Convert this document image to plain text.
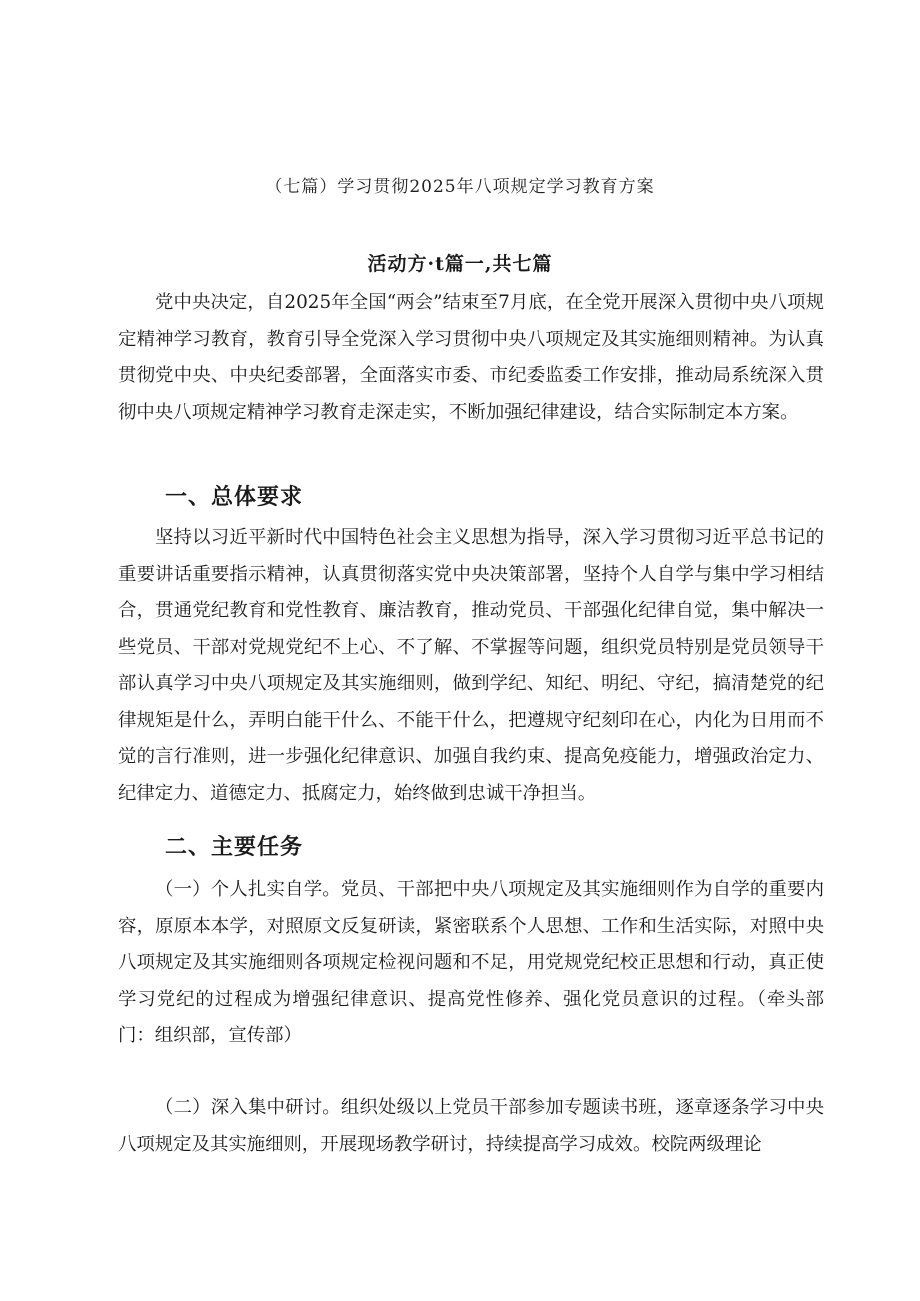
（七篇）学习贯彻2025年八项规定学习教育方案
活动方·t篇一,共七篇

党中央决定，自2025年全国“两会”结束至7月底，在全党开展深入贯彻中央八项规定精神学习教育，教育引导全党深入学习贯彻中央八项规定及其实施细则精神。为认真贯彻党中央、中央纪委部署，全面落实市委、市纪委监委工作安排，推动局系统深入贯彻中央八项规定精神学习教育走深走实，不断加强纪律建设，结合实际制定本方案。

一、总体要求

坚持以习近平新时代中国特色社会主义思想为指导，深入学习贯彻习近平总书记的重要讲话重要指示精神，认真贯彻落实党中央决策部署，坚持个人自学与集中学习相结合，贯通党纪教育和党性教育、廉洁教育，推动党员、干部强化纪律自觉，集中解决一些党员、干部对党规党纪不上心、不了解、不掌握等问题，组织党员特别是党员领导干部认真学习中央八项规定及其实施细则，做到学纪、知纪、明纪、守纪，搞清楚党的纪律规矩是什么，弄明白能干什么、不能干什么，把遵规守纪刻印在心，内化为日用而不觉的言行准则，进一步强化纪律意识、加强自我约束、提高免疫能力，增强政治定力、纪律定力、道德定力、抵腐定力，始终做到忠诚干净担当。

二、主要任务

（一）个人扎实自学。党员、干部把中央八项规定及其实施细则作为自学的重要内容，原原本本学，对照原文反复研读，紧密联系个人思想、工作和生活实际，对照中央八项规定及其实施细则各项规定检视问题和不足，用党规党纪校正思想和行动，真正使学习党纪的过程成为增强纪律意识、提高党性修养、强化党员意识的过程。（牵头部门：组织部，宣传部）

（二）深入集中研讨。组织处级以上党员干部参加专题读书班，逐章逐条学习中央八项规定及其实施细则，开展现场教学研讨，持续提高学习成效。校院两级理论
